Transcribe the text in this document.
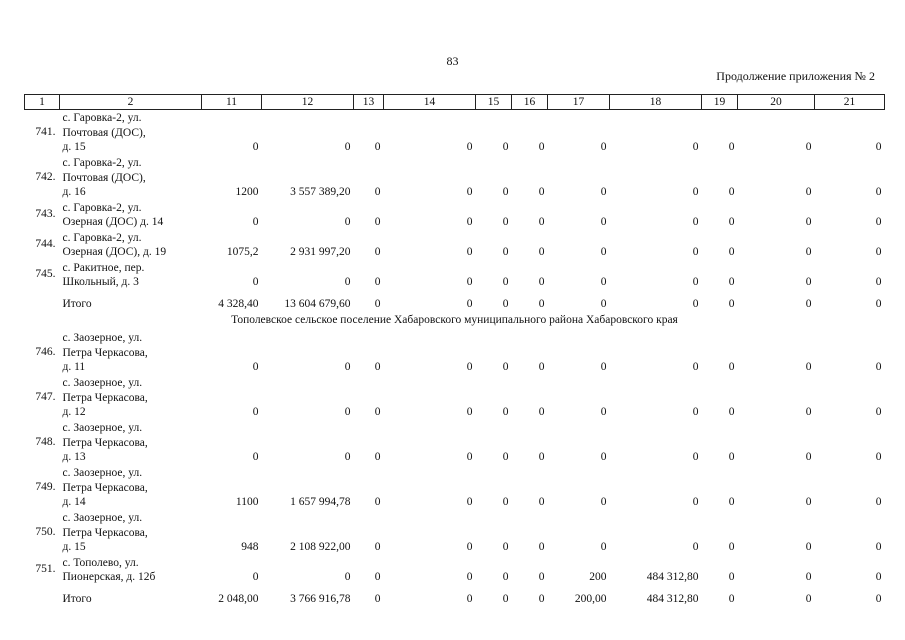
83
Продолжение приложения № 2
1	2	11	12	13	14	15	16	17	18	19	20	21
741.	с. Гаровка-2, ул.
Почтовая (ДОС),
д. 15	0	0	0	0	0	0	0	0	0	0	0
742.	с. Гаровка-2, ул.
Почтовая (ДОС),
д. 16	1200	3 557 389,20	0	0	0	0	0	0	0	0	0
743.	с. Гаровка-2, ул.
Озерная (ДОС) д. 14	0	0	0	0	0	0	0	0	0	0	0
744.	с. Гаровка-2, ул.
Озерная (ДОС), д. 19	1075,2	2 931 997,20	0	0	0	0	0	0	0	0	0
745.	с. Ракитное, пер.
Школьный, д. 3	0	0	0	0	0	0	0	0	0	0	0

	Итого	4 328,40	13 604 679,60	0	0	0	0	0	0	0	0	0
Тополевское сельское поселение Хабаровского муниципального района Хабаровского края												
746.	с. Заозерное, ул.
Петра Черкасова,
д. 11	0	0	0	0	0	0	0	0	0	0	0
747.	с. Заозерное, ул.
Петра Черкасова,
д. 12	0	0	0	0	0	0	0	0	0	0	0
748.	с. Заозерное, ул.
Петра Черкасова,
д. 13	0	0	0	0	0	0	0	0	0	0	0
749.	с. Заозерное, ул.
Петра Черкасова,
д. 14	1100	1 657 994,78	0	0	0	0	0	0	0	0	0
750.	с. Заозерное, ул.
Петра Черкасова,
д. 15	948	2 108 922,00	0	0	0	0	0	0	0	0	0
751.	с. Тополево, ул.
Пионерская, д. 12б	0	0	0	0	0	0	200	484 312,80	0	0	0

	Итого	2 048,00	3 766 916,78	0	0	0	0	200,00	484 312,80	0	0	0
